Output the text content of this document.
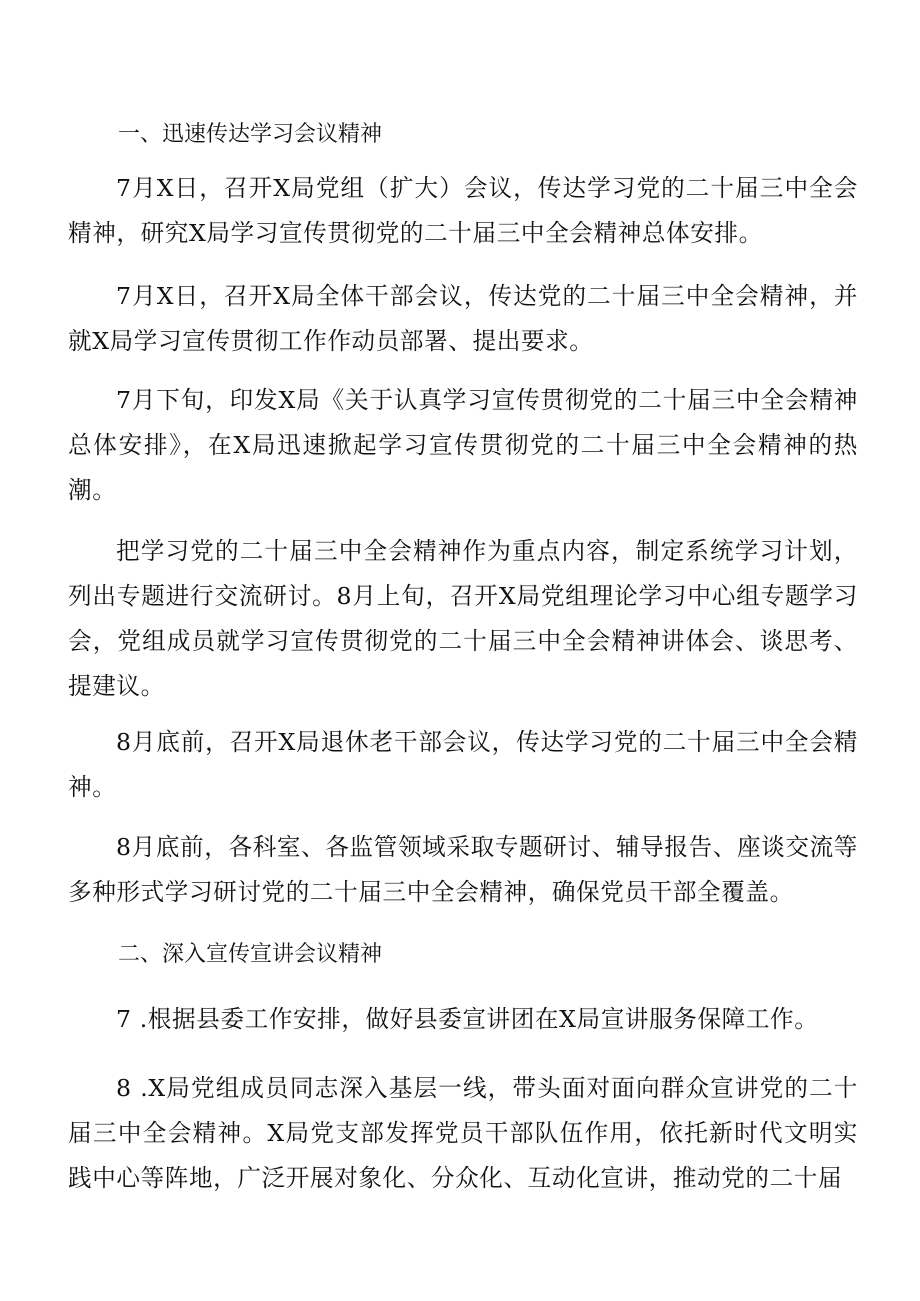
一、迅速传达学习会议精神

7月X日，召开X局党组（扩大）会议，传达学习党的二十届三中全会精神，研究X局学习宣传贯彻党的二十届三中全会精神总体安排。

7月X日，召开X局全体干部会议，传达党的二十届三中全会精神，并就X局学习宣传贯彻工作作动员部署、提出要求。

7月下旬，印发X局《关于认真学习宣传贯彻党的二十届三中全会精神总体安排》，在X局迅速掀起学习宣传贯彻党的二十届三中全会精神的热潮。

把学习党的二十届三中全会精神作为重点内容，制定系统学习计划，列出专题进行交流研讨。8月上旬，召开X局党组理论学习中心组专题学习会，党组成员就学习宣传贯彻党的二十届三中全会精神讲体会、谈思考、提建议。

8月底前，召开X局退休老干部会议，传达学习党的二十届三中全会精神。

8月底前，各科室、各监管领域采取专题研讨、辅导报告、座谈交流等多种形式学习研讨党的二十届三中全会精神，确保党员干部全覆盖。

二、深入宣传宣讲会议精神

7 .根据县委工作安排，做好县委宣讲团在X局宣讲服务保障工作。

8 .X局党组成员同志深入基层一线，带头面对面向群众宣讲党的二十届三中全会精神。X局党支部发挥党员干部队伍作用，依托新时代文明实践中心等阵地，广泛开展对象化、分众化、互动化宣讲，推动党的二十届
